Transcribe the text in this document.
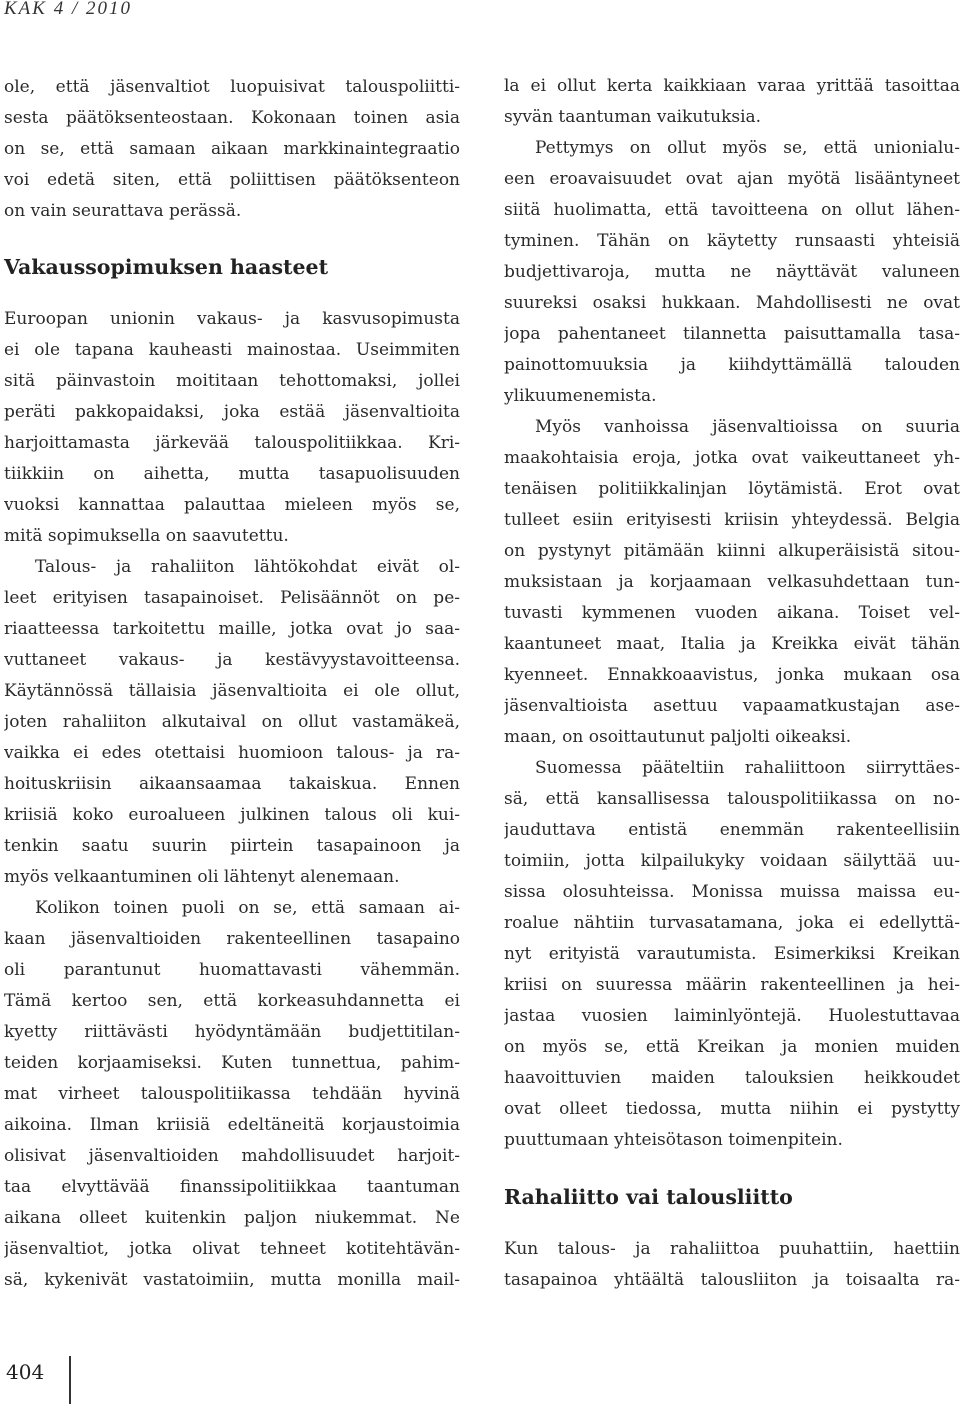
KAK 4 / 2010
ole, että jäsenvaltiot luopuisivat talouspoliitti-
sesta päätöksenteostaan. Kokonaan toinen asia
on se, että samaan aikaan markkinaintegraatio
voi edetä siten, että poliittisen päätöksenteon
on vain seurattava perässä.
Vakaussopimuksen haasteet
Euroopan unionin vakaus- ja kasvusopimusta
ei ole tapana kauheasti mainostaa. Useimmiten
sitä päinvastoin moititaan tehottomaksi, jollei
peräti pakkopaidaksi, joka estää jäsenvaltioita
harjoittamasta järkevää talouspolitiikkaa. Kri-
tiikkiin on aihetta, mutta tasapuolisuuden
vuoksi kannattaa palauttaa mieleen myös se,
mitä sopimuksella on saavutettu.
Talous- ja rahaliiton lähtökohdat eivät ol-
leet erityisen tasapainoiset. Pelisäännöt on pe-
riaatteessa tarkoitettu maille, jotka ovat jo saa-
vuttaneet vakaus- ja kestävyystavoitteensa.
Käytännössä tällaisia jäsenvaltioita ei ole ollut,
joten rahaliiton alkutaival on ollut vastamäkeä,
vaikka ei edes otettaisi huomioon talous- ja ra-
hoituskriisin aikaansaamaa takaiskua. Ennen
kriisiä koko euroalueen julkinen talous oli kui-
tenkin saatu suurin piirtein tasapainoon ja
myös velkaantuminen oli lähtenyt alenemaan.
Kolikon toinen puoli on se, että samaan ai-
kaan jäsenvaltioiden rakenteellinen tasapaino
oli parantunut huomattavasti vähemmän.
Tämä kertoo sen, että korkeasuhdannetta ei
kyetty riittävästi hyödyntämään budjettitilan-
teiden korjaamiseksi. Kuten tunnettua, pahim-
mat virheet talouspolitiikassa tehdään hyvinä
aikoina. Ilman kriisiä edeltäneitä korjaustoimia
olisivat jäsenvaltioiden mahdollisuudet harjoit-
taa elvyttävää finanssipolitiikkaa taantuman
aikana olleet kuitenkin paljon niukemmat. Ne
jäsenvaltiot, jotka olivat tehneet kotitehtävän-
sä, kykenivät vastatoimiin, mutta monilla mail-
la ei ollut kerta kaikkiaan varaa yrittää tasoittaa
syvän taantuman vaikutuksia.
Pettymys on ollut myös se, että unionialu-
een eroavaisuudet ovat ajan myötä lisääntyneet
siitä huolimatta, että tavoitteena on ollut lähen-
tyminen. Tähän on käytetty runsaasti yhteisiä
budjettivaroja, mutta ne näyttävät valuneen
suureksi osaksi hukkaan. Mahdollisesti ne ovat
jopa pahentaneet tilannetta paisuttamalla tasa-
painottomuuksia ja kiihdyttämällä talouden
ylikuumenemista.
Myös vanhoissa jäsenvaltioissa on suuria
maakohtaisia eroja, jotka ovat vaikeuttaneet yh-
tenäisen politiikkalinjan löytämistä. Erot ovat
tulleet esiin erityisesti kriisin yhteydessä. Belgia
on pystynyt pitämään kiinni alkuperäisistä sitou-
muksistaan ja korjaamaan velkasuhdettaan tun-
tuvasti kymmenen vuoden aikana. Toiset vel-
kaantuneet maat, Italia ja Kreikka eivät tähän
kyenneet. Ennakkoaavistus, jonka mukaan osa
jäsenvaltioista asettuu vapaamatkustajan ase-
maan, on osoittautunut paljolti oikeaksi.
Suomessa pääteltiin rahaliittoon siirryttäes-
sä, että kansallisessa talouspolitiikassa on no-
jauduttava entistä enemmän rakenteellisiin
toimiin, jotta kilpailukyky voidaan säilyttää uu-
sissa olosuhteissa. Monissa muissa maissa eu-
roalue nähtiin turvasatamana, joka ei edellyttä-
nyt erityistä varautumista. Esimerkiksi Kreikan
kriisi on suuressa määrin rakenteellinen ja hei-
jastaa vuosien laiminlyöntejä. Huolestuttavaa
on myös se, että Kreikan ja monien muiden
haavoittuvien maiden talouksien heikkoudet
ovat olleet tiedossa, mutta niihin ei pystytty
puuttumaan yhteisötason toimenpitein.
Rahaliitto vai talousliitto
Kun talous- ja rahaliittoa puuhattiin, haettiin
tasapainoa yhtäältä talousliiton ja toisaalta ra-
404
